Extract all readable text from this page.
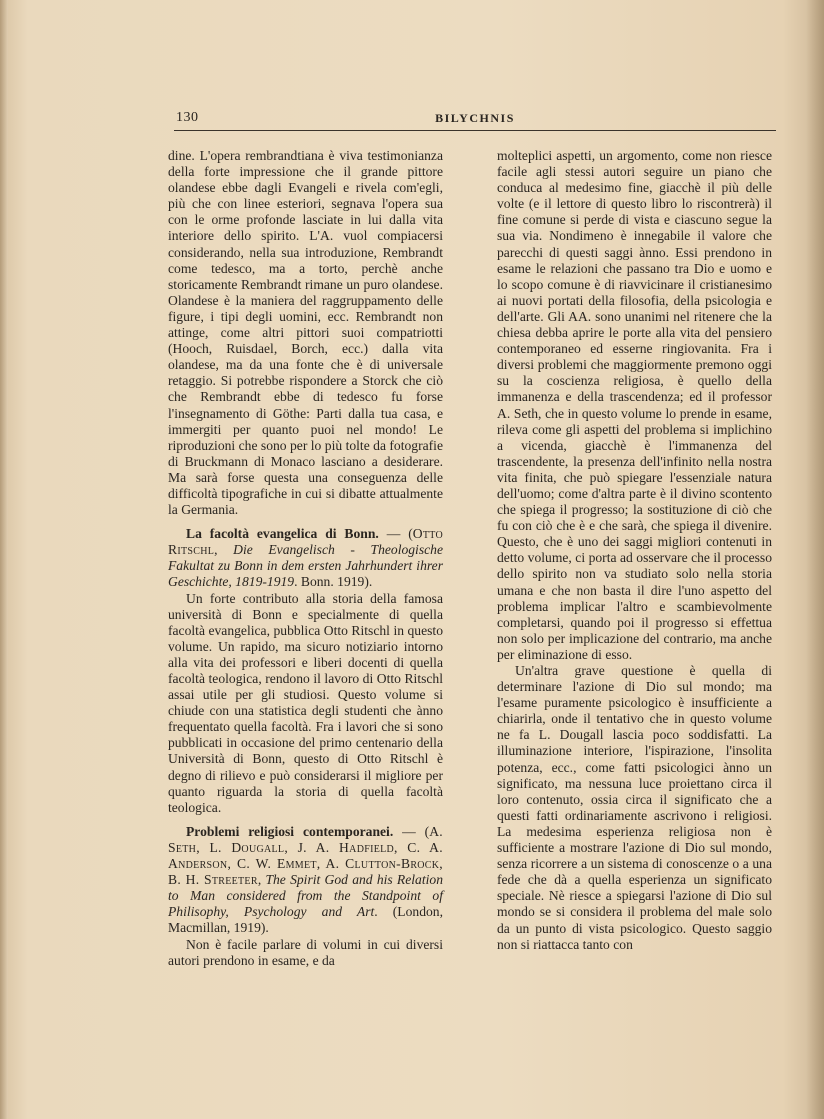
130	BILYCHNIS

dine. L'opera rembrandtiana è viva testimonianza della forte impressione che il grande pittore olandese ebbe dagli Evangeli e rivela com'egli, più che con linee esteriori, segnava l'opera sua con le orme profonde lasciate in lui dalla vita interiore dello spirito. L'A. vuol compiacersi considerando, nella sua introduzione, Rembrandt come tedesco, ma a torto, perchè anche storicamente Rembrandt rimane un puro olandese. Olandese è la maniera del raggruppamento delle figure, i tipi degli uomini, ecc. Rembrandt non attinge, come altri pittori suoi compatriotti (Hooch, Ruisdael, Borch, ecc.) dalla vita olandese, ma da una fonte che è di universale retaggio. Si potrebbe rispondere a Storck che ciò che Rembrandt ebbe di tedesco fu forse l'insegnamento di Göthe: Parti dalla tua casa, e immergiti per quanto puoi nel mondo! Le riproduzioni che sono per lo più tolte da fotografie di Bruckmann di Monaco lasciano a desiderare. Ma sarà forse questa una conseguenza delle difficoltà tipografiche in cui si dibatte attualmente la Germania.

La facoltà evangelica di Bonn. — (Otto Ritschl, Die Evangelisch - Theologische Fakultat zu Bonn in dem ersten Jahrhundert ihrer Geschichte, 1819-1919. Bonn. 1919).

Un forte contributo alla storia della famosa università di Bonn e specialmente di quella facoltà evangelica, pubblica Otto Ritschl in questo volume. Un rapido, ma sicuro notiziario intorno alla vita dei professori e liberi docenti di quella facoltà teologica, rendono il lavoro di Otto Ritschl assai utile per gli studiosi. Questo volume si chiude con una statistica degli studenti che ànno frequentato quella facoltà. Fra i lavori che si sono pubblicati in occasione del primo centenario della Università di Bonn, questo di Otto Ritschl è degno di rilievo e può considerarsi il migliore per quanto riguarda la storia di quella facoltà teologica.

Problemi religiosi contemporanei. — (A. Seth, L. Dougall, J. A. Hadfield, C. A. Anderson, C. W. Emmet, A. Clutton-Brock, B. H. Streeter, The Spirit God and his Relation to Man considered from the Standpoint of Philisophy, Psychology and Art. (London, Macmillan, 1919).

Non è facile parlare di volumi in cui diversi autori prendono in esame, e da

molteplici aspetti, un argomento, come non riesce facile agli stessi autori seguire un piano che conduca al medesimo fine, giacchè il più delle volte (e il lettore di questo libro lo riscontrerà) il fine comune si perde di vista e ciascuno segue la sua via. Nondimeno è innegabile il valore che parecchi di questi saggi ànno. Essi prendono in esame le relazioni che passano tra Dio e uomo e lo scopo comune è di riavvicinare il cristianesimo ai nuovi portati della filosofia, della psicologia e dell'arte. Gli AA. sono unanimi nel ritenere che la chiesa debba aprire le porte alla vita del pensiero contemporaneo ed esserne ringiovanita. Fra i diversi problemi che maggiormente premono oggi su la coscienza religiosa, è quello della immanenza e della trascendenza; ed il professor A. Seth, che in questo volume lo prende in esame, rileva come gli aspetti del problema si implichino a vicenda, giacchè è l'immanenza del trascendente, la presenza dell'infinito nella nostra vita finita, che può spiegare l'essenziale natura dell'uomo; come d'altra parte è il divino scontento che spiega il progresso; la sostituzione di ciò che fu con ciò che è e che sarà, che spiega il divenire. Questo, che è uno dei saggi migliori contenuti in detto volume, ci porta ad osservare che il processo dello spirito non va studiato solo nella storia umana e che non basta il dire l'uno aspetto del problema implicar l'altro e scambievolmente completarsi, quando poi il progresso si effettua non solo per implicazione del contrario, ma anche per eliminazione di esso.

Un'altra grave questione è quella di determinare l'azione di Dio sul mondo; ma l'esame puramente psicologico è insufficiente a chiarirla, onde il tentativo che in questo volume ne fa L. Dougall lascia poco soddisfatti. La illuminazione interiore, l'ispirazione, l'insolita potenza, ecc., come fatti psicologici ànno un significato, ma nessuna luce proiettano circa il loro contenuto, ossia circa il significato che a questi fatti ordinariamente ascrivono i religiosi. La medesima esperienza religiosa non è sufficiente a mostrare l'azione di Dio sul mondo, senza ricorrere a un sistema di conoscenze o a una fede che dà a quella esperienza un significato speciale. Nè riesce a spiegarsi l'azione di Dio sul mondo se si considera il problema del male solo da un punto di vista psicologico. Questo saggio non si riattacca tanto con
